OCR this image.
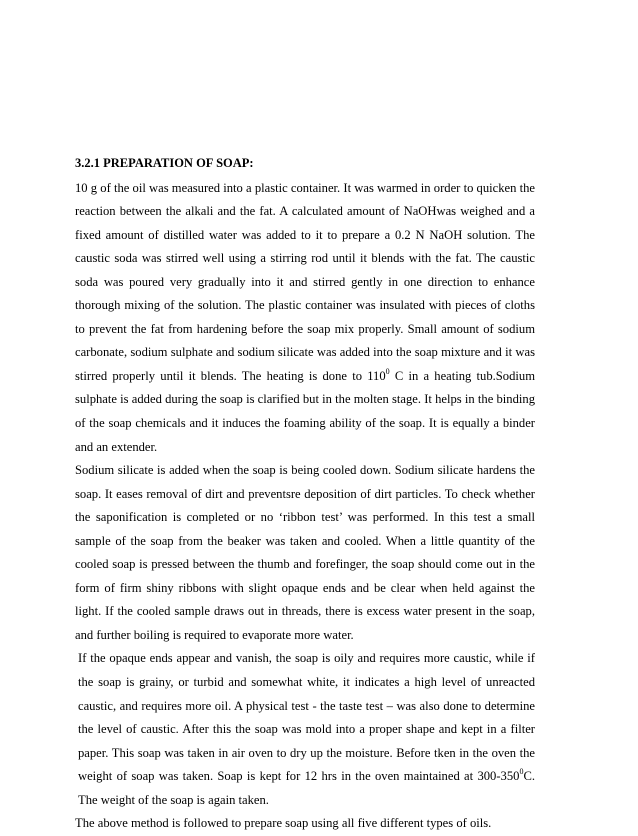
3.2.1 PREPARATION OF SOAP:

10 g of the oil was measured into a plastic container. It was warmed in order to quicken the reaction between the alkali and the fat. A calculated amount of NaOHwas weighed and a fixed amount of distilled water was added to it to prepare a 0.2 N NaOH solution. The caustic soda was stirred well using a stirring rod until it blends with the fat. The caustic soda was poured very gradually into it and stirred gently in one direction to enhance thorough mixing of the solution. The plastic container was insulated with pieces of cloths to prevent the fat from hardening before the soap mix properly. Small amount of sodium carbonate, sodium sulphate and sodium silicate was added into the soap mixture and it was stirred properly until it blends. The heating is done to $110^0$ C in a heating tub.Sodium sulphate is added during the soap is clarified but in the molten stage. It helps in the binding of the soap chemicals and it induces the foaming ability of the soap. It is equally a binder and an extender.

Sodium silicate is added when the soap is being cooled down. Sodium silicate hardens the soap. It eases removal of dirt and preventsre deposition of dirt particles. To check whether the saponification is completed or no ‘ribbon test’ was performed. In this test a small sample of the soap from the beaker was taken and cooled. When a little quantity of the cooled soap is pressed between the thumb and forefinger, the soap should come out in the form of firm shiny ribbons with slight opaque ends and be clear when held against the light. If the cooled sample draws out in threads, there is excess water present in the soap, and further boiling is required to evaporate more water.

If the opaque ends appear and vanish, the soap is oily and requires more caustic, while if the soap is grainy, or turbid and somewhat white, it indicates a high level of unreacted caustic, and requires more oil. A physical test - the taste test – was also done to determine the level of caustic. After this the soap was mold into a proper shape and kept in a filter paper. This soap was taken in air oven to dry up the moisture. Before tken in the oven the weight of soap was taken. Soap is kept for 12 hrs in the oven maintained at $300-350^0C$. The weight of the soap is again taken.

The above method is followed to prepare soap using all five different types of oils.
